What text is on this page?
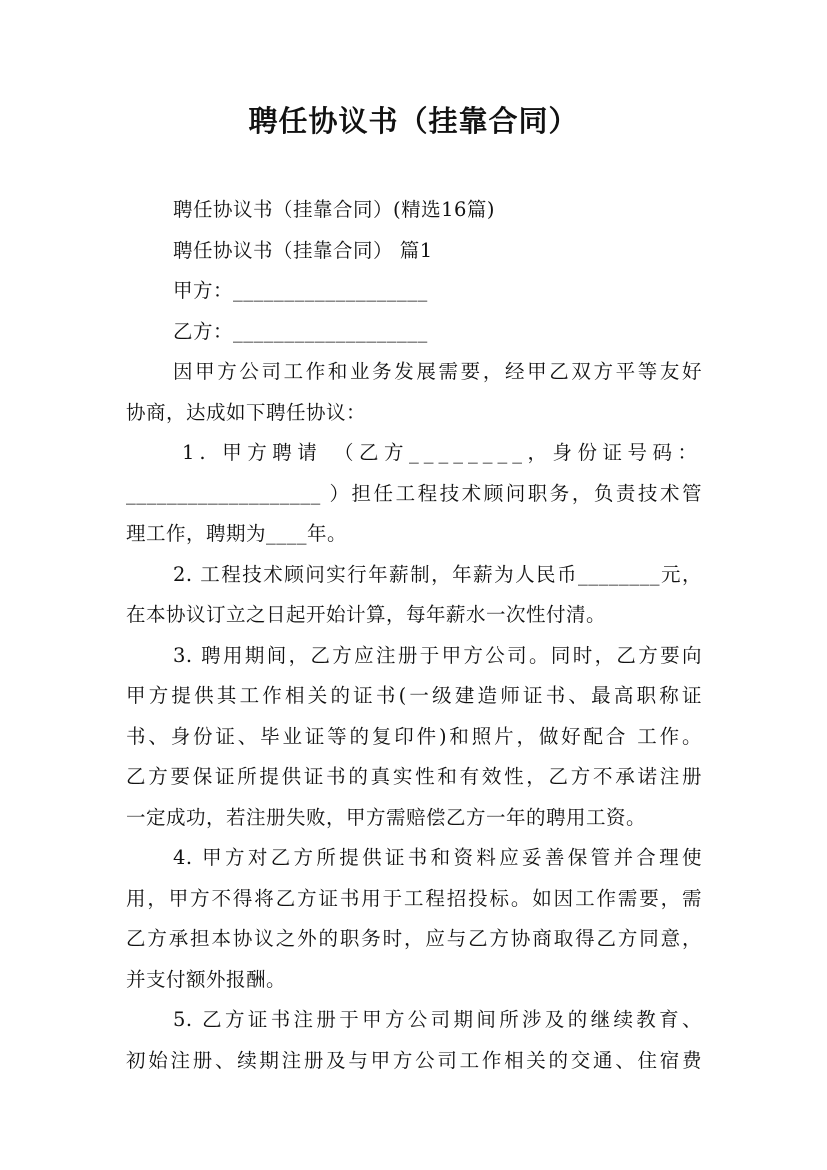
聘任协议书（挂靠合同）
聘任协议书（挂靠合同）(精选16篇)
聘任协议书（挂靠合同） 篇1
甲方：___________________
乙方：___________________
因甲方公司工作和业务发展需要，经甲乙双方平等友好
协商，达成如下聘任协议：
1. 甲方聘请 （乙方________，身份证号码：
___________________ ）担任工程技术顾问职务，负责技术管
理工作，聘期为____年。
2. 工程技术顾问实行年薪制，年薪为人民币________元，
在本协议订立之日起开始计算，每年薪水一次性付清。
3. 聘用期间，乙方应注册于甲方公司。同时，乙方要向
甲方提供其工作相关的证书(一级建造师证书、最高职称证
书、身份证、毕业证等的复印件)和照片，做好配合 工作。
乙方要保证所提供证书的真实性和有效性，乙方不承诺注册
一定成功，若注册失败，甲方需赔偿乙方一年的聘用工资。
4. 甲方对乙方所提供证书和资料应妥善保管并合理使
用，甲方不得将乙方证书用于工程招投标。如因工作需要，需
乙方承担本协议之外的职务时，应与乙方协商取得乙方同意，
并支付额外报酬。
5. 乙方证书注册于甲方公司期间所涉及的继续教育、
初始注册、续期注册及与甲方公司工作相关的交通、住宿费
